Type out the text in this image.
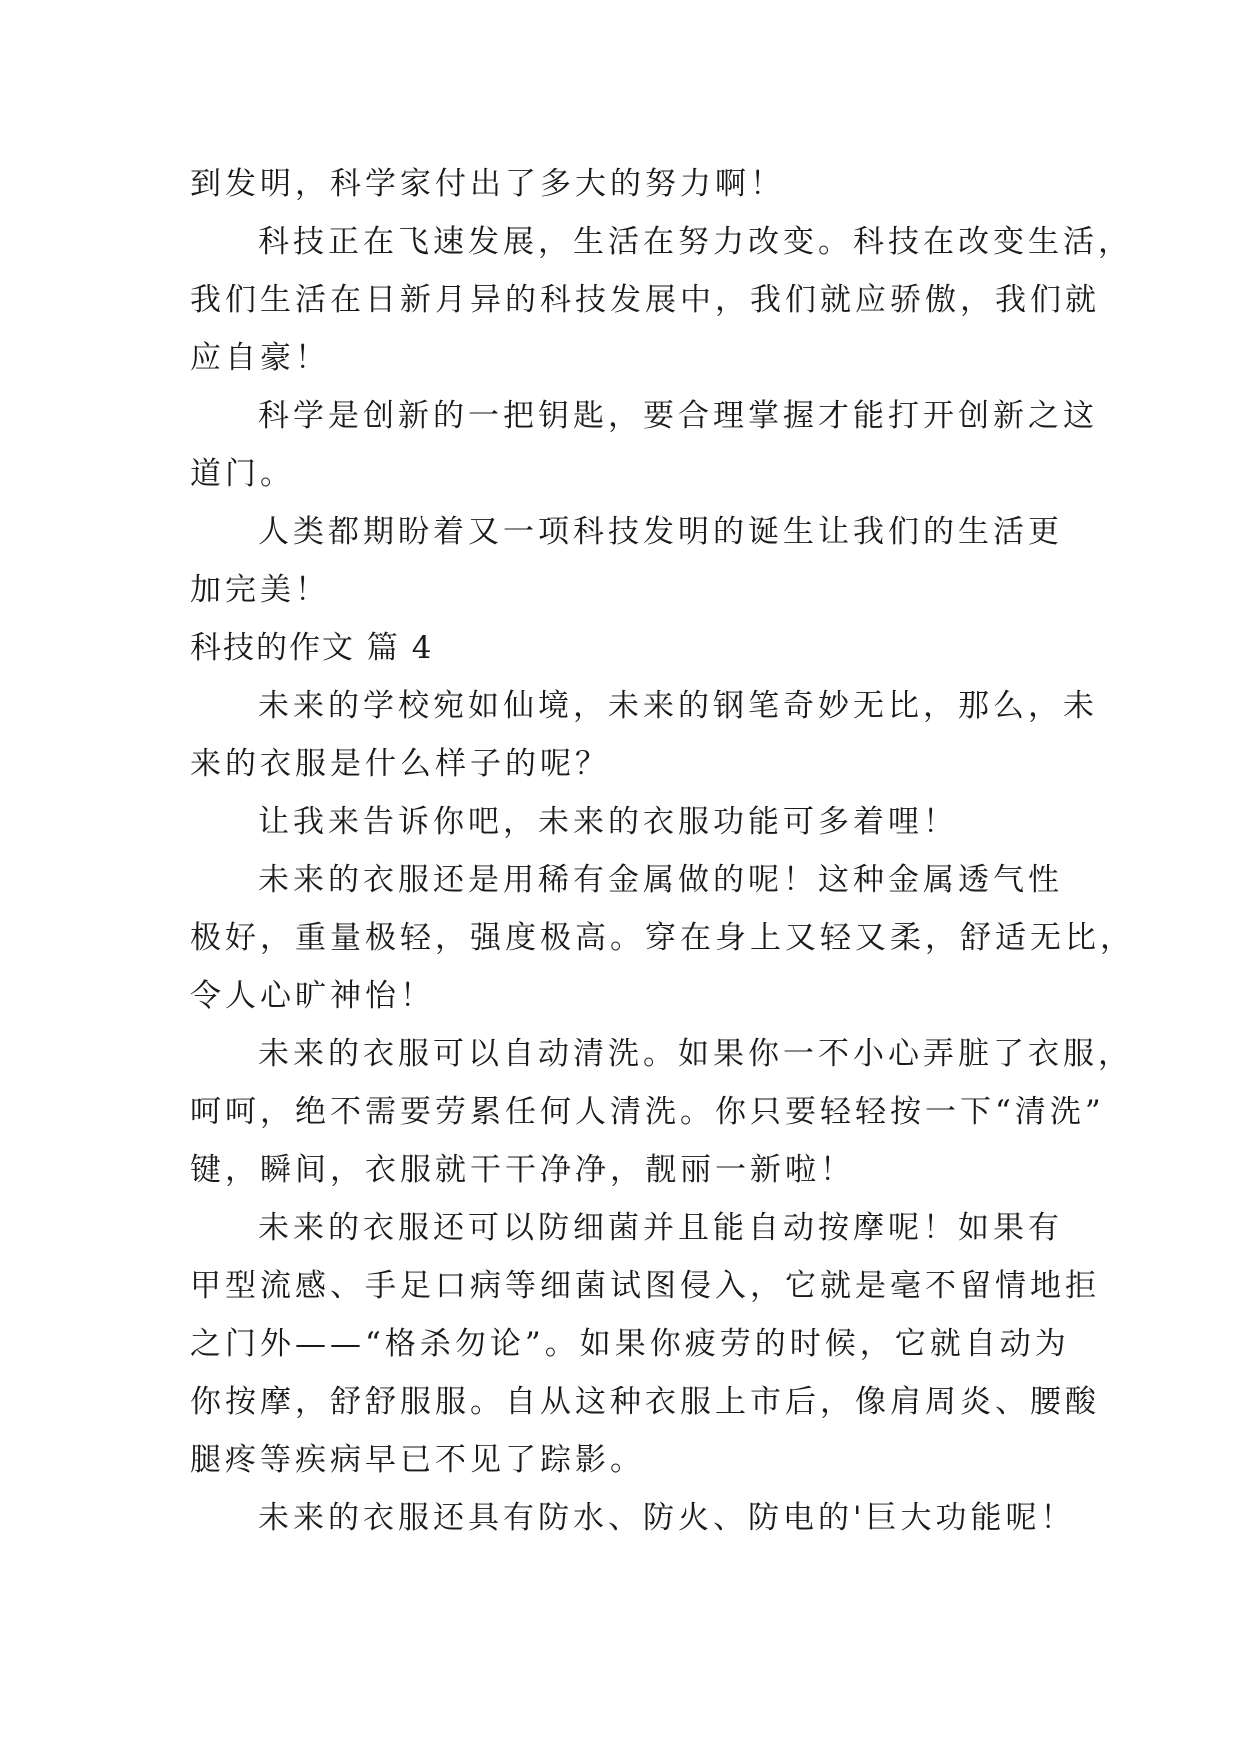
到发明，科学家付出了多大的努力啊！
科技正在飞速发展，生活在努力改变。科技在改变生活，
我们生活在日新月异的科技发展中，我们就应骄傲，我们就
应自豪！
科学是创新的一把钥匙，要合理掌握才能打开创新之这
道门。
人类都期盼着又一项科技发明的诞生让我们的生活更
加完美！
科技的作文 篇 4
未来的学校宛如仙境，未来的钢笔奇妙无比，那么，未
来的衣服是什么样子的呢？
让我来告诉你吧，未来的衣服功能可多着哩！
未来的衣服还是用稀有金属做的呢！这种金属透气性
极好，重量极轻，强度极高。穿在身上又轻又柔，舒适无比，
令人心旷神怡！
未来的衣服可以自动清洗。如果你一不小心弄脏了衣服，
呵呵，绝不需要劳累任何人清洗。你只要轻轻按一下“清洗”
键，瞬间，衣服就干干净净，靓丽一新啦！
未来的衣服还可以防细菌并且能自动按摩呢！如果有
甲型流感、手足口病等细菌试图侵入，它就是毫不留情地拒
之门外——“格杀勿论”。如果你疲劳的时候，它就自动为
你按摩，舒舒服服。自从这种衣服上市后，像肩周炎、腰酸
腿疼等疾病早已不见了踪影。
未来的衣服还具有防水、防火、防电的'巨大功能呢！
